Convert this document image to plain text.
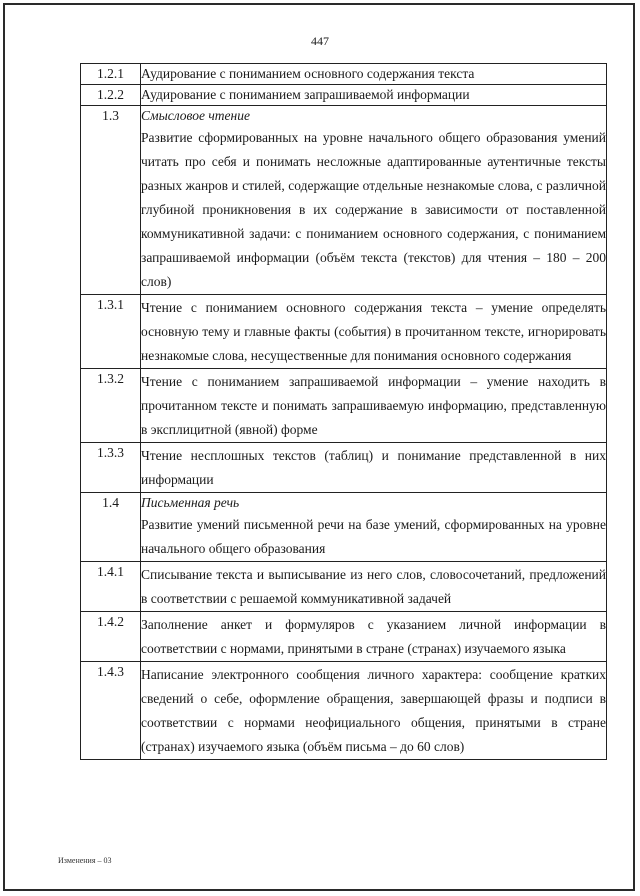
447
1.2.1	Аудирование с пониманием основного содержания текста

1.2.2	Аудирование с пониманием запрашиваемой информации

1.3	Смысловое чтение
Развитие сформированных на уровне начального общего образования умений читать про себя и понимать несложные адаптированные аутентичные тексты разных жанров и стилей, содержащие отдельные незнакомые слова, с различной глубиной проникновения в их содержание в зависимости от поставленной коммуникативной задачи: с пониманием основного содержания, с пониманием запрашиваемой информации (объём текста (текстов) для чтения – 180 – 200 слов)

1.3.1	Чтение с пониманием основного содержания текста – умение определять основную тему и главные факты (события) в прочитанном тексте, игнорировать незнакомые слова, несущественные для понимания основного содержания

1.3.2	Чтение с пониманием запрашиваемой информации – умение находить в прочитанном тексте и понимать запрашиваемую информацию, представленную в эксплицитной (явной) форме

1.3.3	Чтение несплошных текстов (таблиц) и понимание представленной в них информации

1.4	Письменная речь
Развитие умений письменной речи на базе умений, сформированных на уровне начального общего образования

1.4.1	Списывание текста и выписывание из него слов, словосочетаний, предложений в соответствии с решаемой коммуникативной задачей

1.4.2	Заполнение анкет и формуляров с указанием личной информации в соответствии с нормами, принятыми в стране (странах) изучаемого языка

1.4.3	Написание электронного сообщения личного характера: сообщение кратких сведений о себе, оформление обращения, завершающей фразы и подписи в соответствии с нормами неофициального общения, принятыми в стране (странах) изучаемого языка (объём письма – до 60 слов)
Изменения – 03
